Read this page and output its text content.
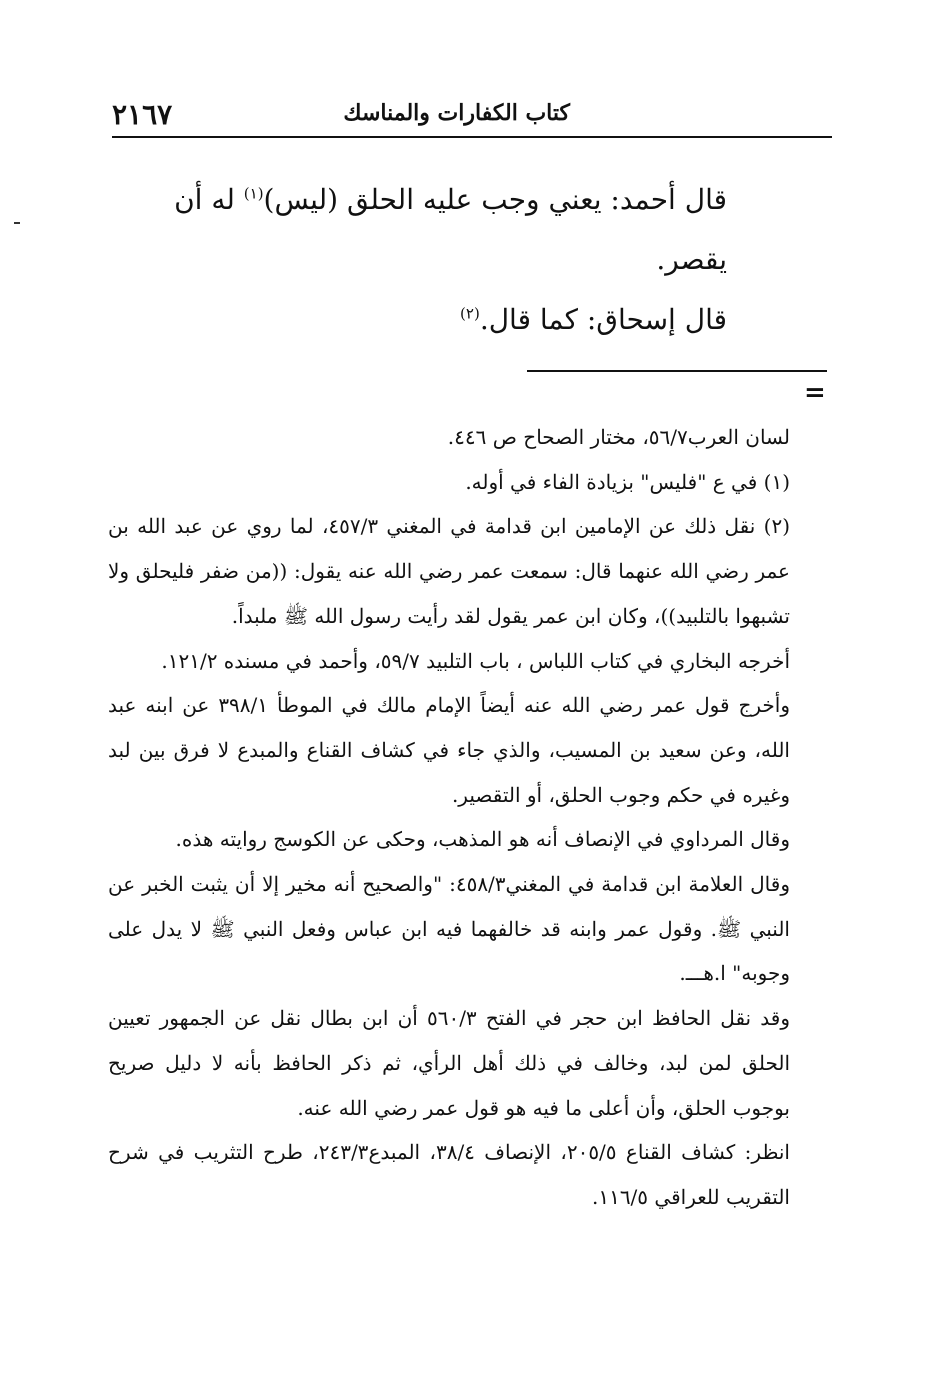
٢١٦٧	كتاب الكفارات والمناسك

قال أحمد: يعني وجب عليه الحلق (ليس)$^{(١)}$ له أن يقصر.

قال إسحاق: كما قال.$^{(٢)}$

=

لسان العرب٥٦/٧، مختار الصحاح ص ٤٤٦.

(١) في ع "فليس" بزيادة الفاء في أوله.

(٢) نقل ذلك عن الإمامين ابن قدامة في المغني ٤٥٧/٣، لما روي عن عبد الله بن عمر رضي الله عنهما قال: سمعت عمر رضي الله عنه يقول: ((من ضفر فليحلق ولا تشبهوا بالتلبيد))، وكان ابن عمر يقول لقد رأيت رسول الله ﷺ ملبداً.

أخرجه البخاري في كتاب اللباس ، باب التلبيد ٥٩/٧، وأحمد في مسنده ١٢١/٢.

وأخرج قول عمر رضي الله عنه أيضاً الإمام مالك في الموطأ ٣٩٨/١ عن ابنه عبد الله، وعن سعيد بن المسيب، والذي جاء في كشاف القناع والمبدع لا فرق بين لبد وغيره في حكم وجوب الحلق، أو التقصير.

وقال المرداوي في الإنصاف أنه هو المذهب، وحكى عن الكوسج روايته هذه.

وقال العلامة ابن قدامة في المغني٤٥٨/٣: "والصحيح أنه مخير إلا أن يثبت الخبر عن النبي ﷺ. وقول عمر وابنه قد خالفهما فيه ابن عباس وفعل النبي ﷺ لا يدل على وجوبه" ا.هـــ.

وقد نقل الحافظ ابن حجر في الفتح ٥٦٠/٣ أن ابن بطال نقل عن الجمهور تعيين الحلق لمن لبد، وخالف في ذلك أهل الرأي، ثم ذكر الحافظ بأنه لا دليل صريح بوجوب الحلق، وأن أعلى ما فيه هو قول عمر رضي الله عنه.

انظر: كشاف القناع ٢٠٥/٥، الإنصاف ٣٨/٤، المبدع٢٤٣/٣، طرح التثريب في شرح التقريب للعراقي ١١٦/٥.
